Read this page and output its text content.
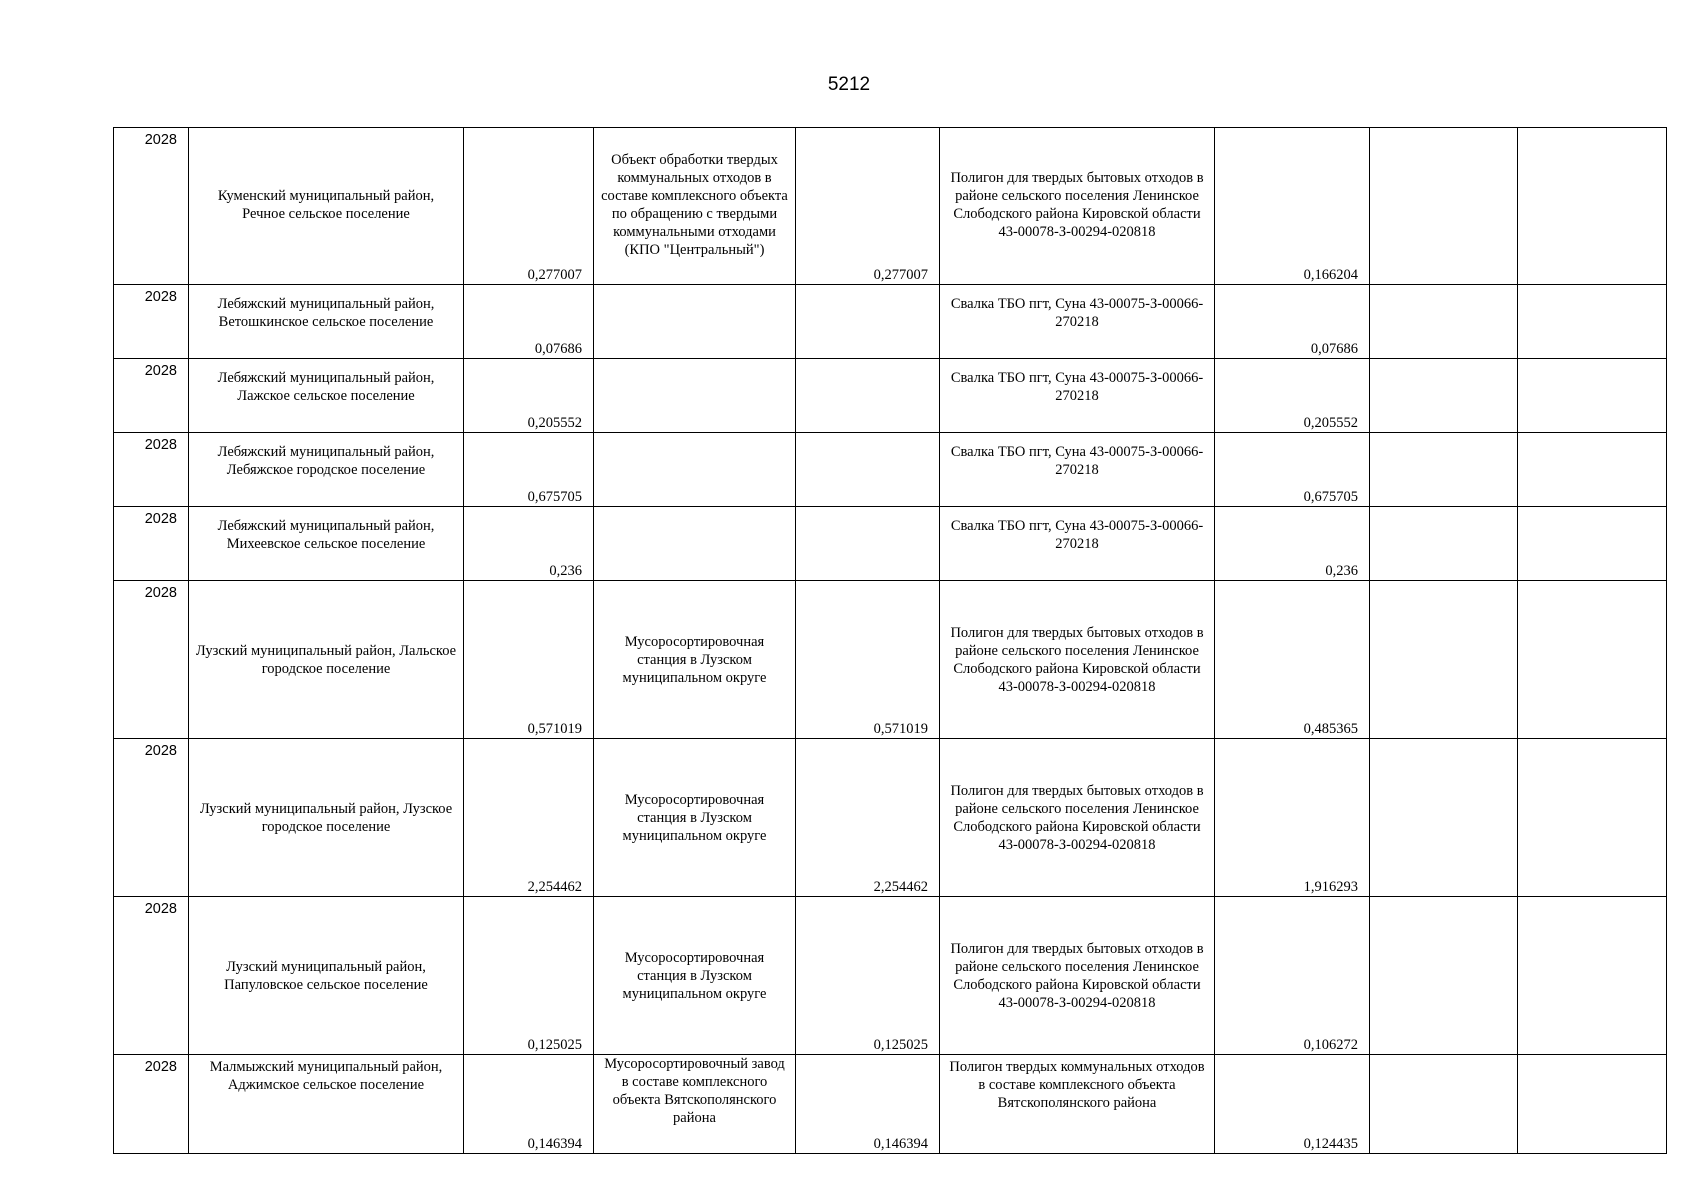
5212
2028	Куменский муниципальный район, Речное сельское поселение	0,277007	Объект обработки твердых коммунальных отходов в составе комплексного объекта по обращению с твердыми коммунальными отходами (КПО "Центральный")	0,277007	Полигон для твердых бытовых отходов в районе сельского поселения Ленинское Слободского района Кировской области 43-00078-З-00294-020818	0,166204		
2028	Лебяжский муниципальный район, Ветошкинское сельское поселение	0,07686			Свалка ТБО пгт, Суна 43-00075-З-00066-270218	0,07686		
2028	Лебяжский муниципальный район, Лажское сельское поселение	0,205552			Свалка ТБО пгт, Суна 43-00075-З-00066-270218	0,205552		
2028	Лебяжский муниципальный район, Лебяжское городское поселение	0,675705			Свалка ТБО пгт, Суна 43-00075-З-00066-270218	0,675705		
2028	Лебяжский муниципальный район, Михеевское сельское поселение	0,236			Свалка ТБО пгт, Суна 43-00075-З-00066-270218	0,236		
2028	Лузский муниципальный район, Лальское городское поселение	0,571019	Мусоросортировочная станция в Лузском муниципальном округе	0,571019	Полигон для твердых бытовых отходов в районе сельского поселения Ленинское Слободского района Кировской области 43-00078-З-00294-020818	0,485365		
2028	Лузский муниципальный район, Лузское городское поселение	2,254462	Мусоросортировочная станция в Лузском муниципальном округе	2,254462	Полигон для твердых бытовых отходов в районе сельского поселения Ленинское Слободского района Кировской области 43-00078-З-00294-020818	1,916293		
2028	Лузский муниципальный район, Папуловское сельское поселение	0,125025	Мусоросортировочная станция в Лузском муниципальном округе	0,125025	Полигон для твердых бытовых отходов в районе сельского поселения Ленинское Слободского района Кировской области 43-00078-З-00294-020818	0,106272		
2028	Малмыжский муниципальный район, Аджимское сельское поселение	0,146394	Мусоросортировочный завод в составе комплексного объекта Вятскополянского района	0,146394	Полигон твердых коммунальных отходов в составе комплексного объекта Вятскополянского района	0,124435		
